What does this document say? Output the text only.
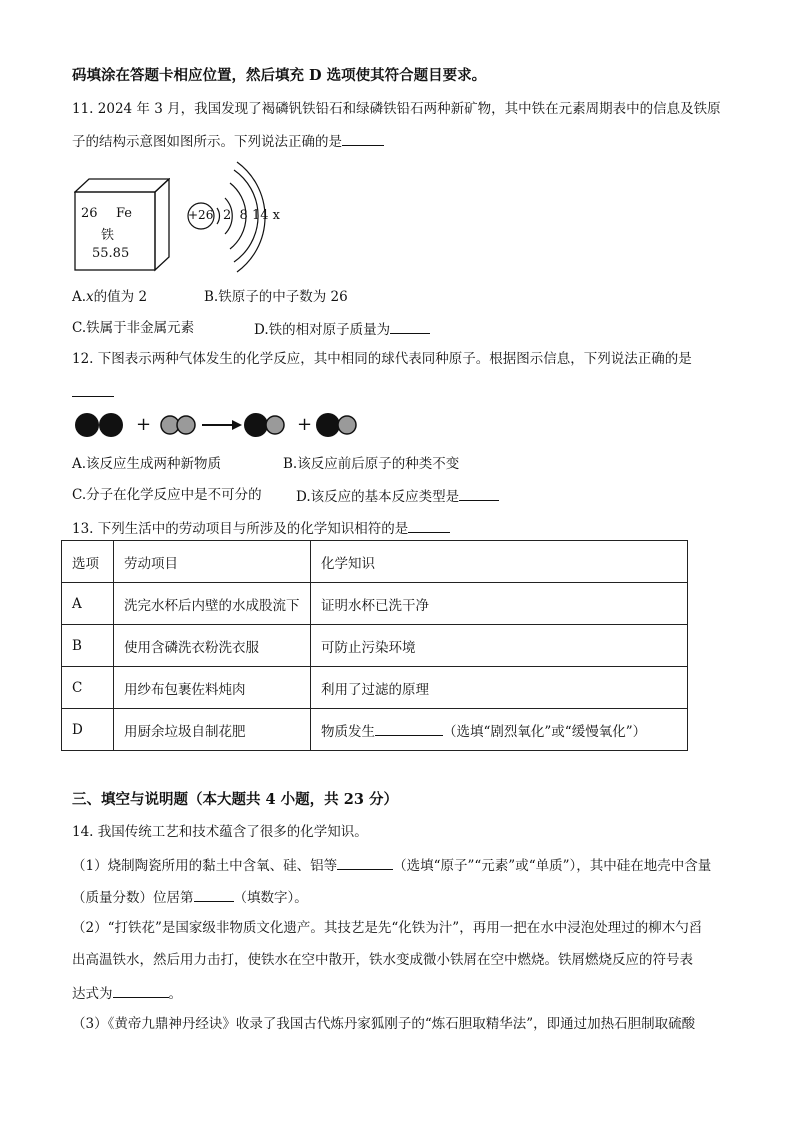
码填涂在答题卡相应位置，然后填充 D 选项使其符合题目要求。
11. 2024 年 3 月，我国发现了褐磷钒铁铅石和绿磷铁铅石两种新矿物，其中铁在元素周期表中的信息及铁原
子的结构示意图如图所示。下列说法正确的是
26 Fe
铁
55.85
+26 2  8 14 x
A.x的值为 2	B.铁原子的中子数为 26
C.铁属于非金属元素	D.铁的相对原子质量为
12. 下图表示两种气体发生的化学反应，其中相同的球代表同种原子。根据图示信息，下列说法正确的是
+	+
A.该反应生成两种新物质	B.该反应前后原子的种类不变
C.分子在化学反应中是不可分的	D.该反应的基本反应类型是
13. 下列生活中的劳动项目与所涉及的化学知识相符的是
选项	劳动项目	化学知识
A	洗完水杯后内壁的水成股流下	证明水杯已洗干净
B	使用含磷洗衣粉洗衣服	可防止污染环境
C	用纱布包裹佐料炖肉	利用了过滤的原理
D	用厨余垃圾自制花肥	物质发生 （选填“剧烈氧化”或“缓慢氧化”）
三、填空与说明题（本大题共 4 小题，共 23 分）
14. 我国传统工艺和技术蕴含了很多的化学知识。
（1）烧制陶瓷所用的黏土中含氧、硅、铝等	（选填“原子”“元素”或“单质”），其中硅在地壳中含量
（质量分数）位居第	（填数字）。
（2）“打铁花”是国家级非物质文化遗产。其技艺是先“化铁为汁”，再用一把在水中浸泡处理过的柳木勺舀
出高温铁水，然后用力击打，使铁水在空中散开，铁水变成微小铁屑在空中燃烧。铁屑燃烧反应的符号表
达式为	。
（3）《黄帝九鼎神丹经诀》收录了我国古代炼丹家狐刚子的“炼石胆取精华法”，即通过加热石胆制取硫酸
